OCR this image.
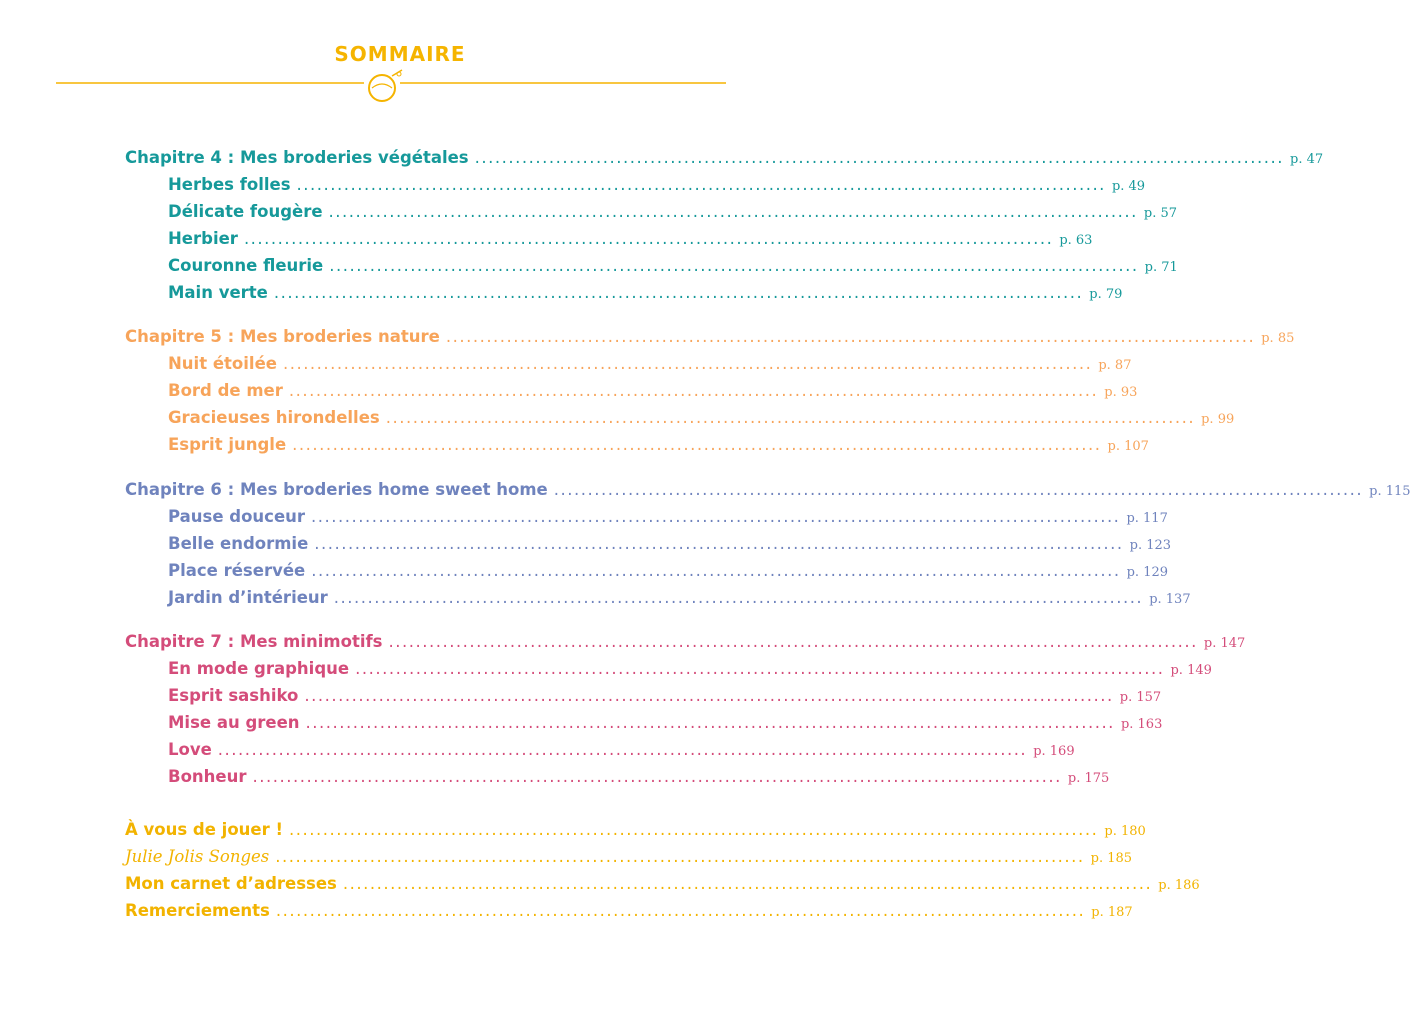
SOMMAIRE
Chapitre 4 : Mes broderies végétales ........................................................................................................................ p. 47
Herbes folles ........................................................................................................................ p. 49
Délicate fougère ........................................................................................................................ p. 57
Herbier ........................................................................................................................ p. 63
Couronne fleurie ........................................................................................................................ p. 71
Main verte ........................................................................................................................ p. 79
Chapitre 5 : Mes broderies nature ........................................................................................................................ p. 85
Nuit étoilée ........................................................................................................................ p. 87
Bord de mer ........................................................................................................................ p. 93
Gracieuses hirondelles ........................................................................................................................ p. 99
Esprit jungle ........................................................................................................................ p. 107
Chapitre 6 : Mes broderies home sweet home ........................................................................................................................ p. 115
Pause douceur ........................................................................................................................ p. 117
Belle endormie ........................................................................................................................ p. 123
Place réservée ........................................................................................................................ p. 129
Jardin d’intérieur ........................................................................................................................ p. 137
Chapitre 7 : Mes minimotifs ........................................................................................................................ p. 147
En mode graphique ........................................................................................................................ p. 149
Esprit sashiko ........................................................................................................................ p. 157
Mise au green ........................................................................................................................ p. 163
Love ........................................................................................................................ p. 169
Bonheur ........................................................................................................................ p. 175
À vous de jouer ! ........................................................................................................................ p. 180
Julie Jolis Songes ........................................................................................................................ p. 185
Mon carnet d’adresses ........................................................................................................................ p. 186
Remerciements ........................................................................................................................ p. 187
